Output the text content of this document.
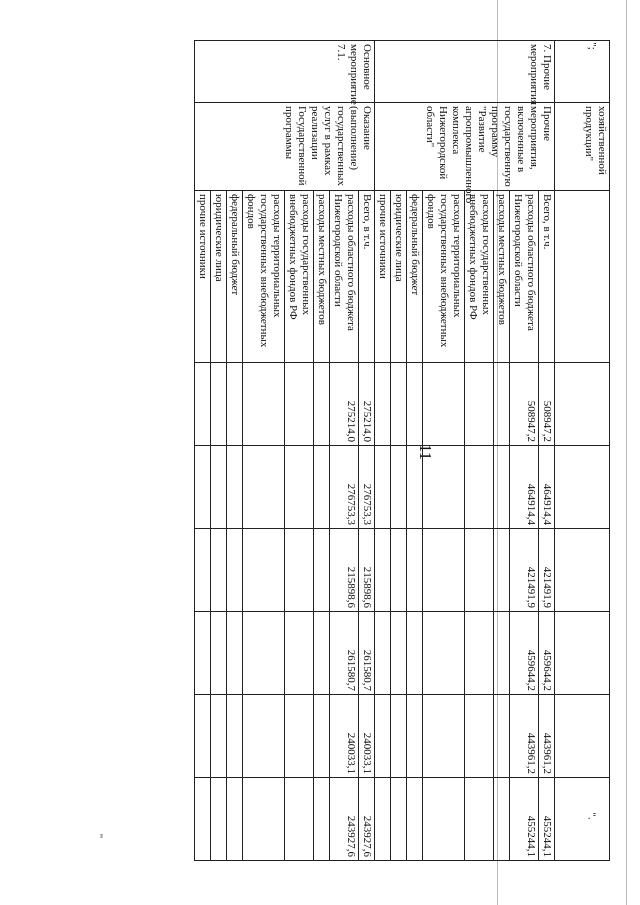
11
"
";
".
	хозяйственной продукции"							
7. Прочие мероприятия	Прочие мероприятия, включенные в государственную программу "Развитие агропромышленного комплекса Нижегородской области"	Всего, в т.ч.	508947,2	464914,4	421491,9	459644,2	443961,2	455244,1
		расходы областного бюджета Нижегородской области	508947,2	464914,4	421491,9	459644,2	443961,2	455244,1
		расходы местных бюджетов						
		расходы государственных внебюджетных фондов РФ						
		расходы территориальных государственных внебюджетных фондов						
		федеральный бюджет						
		юридические лица						
		прочие источники						
Основное мероприятие 7.1.	Оказание (выполнение) государственных услуг в рамках реализации Государственной программы	Всего, в т.ч.	275214,0	276753,3	215898,6	261580,7	240033,1	243927,6
		расходы областного бюджета Нижегородской области	275214,0	276753,3	215898,6	261580,7	240033,1	243927,6
		расходы местных бюджетов						
		расходы государственных внебюджетных фондов РФ						
		расходы территориальных государственных внебюджетных фондов						
		федеральный бюджет						
		юридические лица						
		прочие источники						
